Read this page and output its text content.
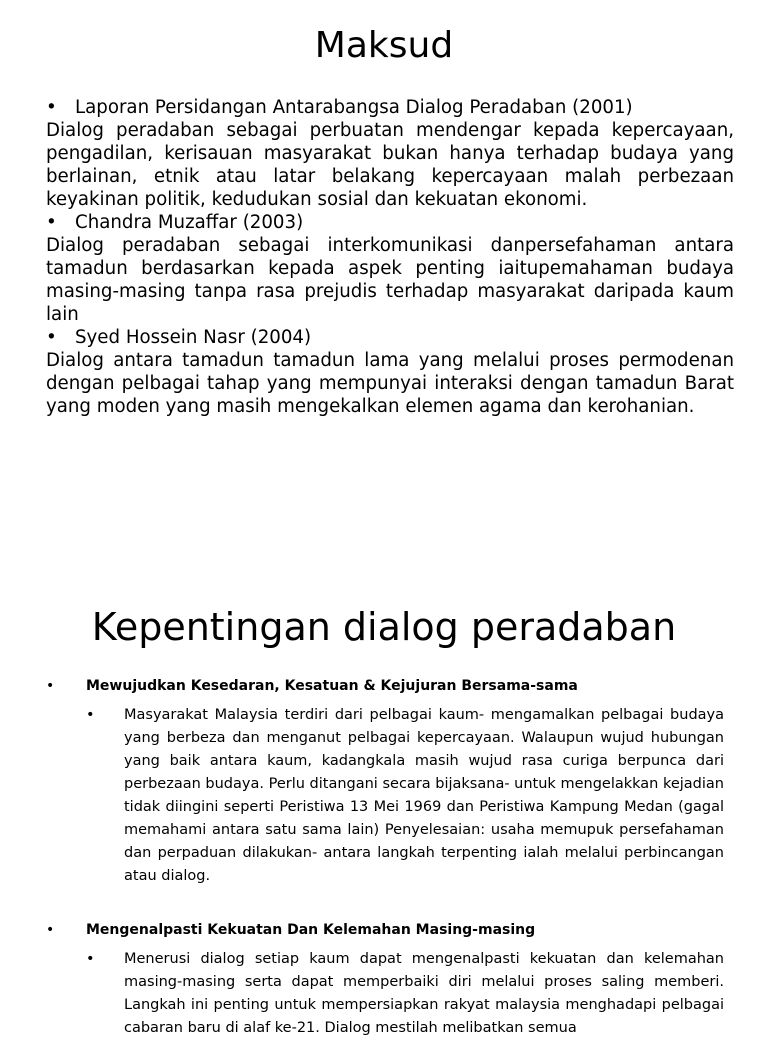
Maksud
• Laporan Persidangan Antarabangsa Dialog Peradaban (2001)
Dialog peradaban sebagai perbuatan mendengar kepada kepercayaan, pengadilan, kerisauan masyarakat bukan hanya terhadap budaya yang berlainan, etnik atau latar belakang kepercayaan malah perbezaan keyakinan politik, kedudukan sosial dan kekuatan ekonomi.
• Chandra Muzaffar (2003)
Dialog peradaban sebagai interkomunikasi danpersefahaman antara tamadun berdasarkan kepada aspek penting iaitupemahaman budaya masing-masing tanpa rasa prejudis terhadap masyarakat daripada kaum lain
• Syed Hossein Nasr (2004)
Dialog antara tamadun tamadun lama yang melalui proses permodenan dengan pelbagai tahap yang mempunyai interaksi dengan tamadun Barat yang moden yang masih mengekalkan elemen agama dan kerohanian.
Kepentingan dialog peradaban
• Mewujudkan Kesedaran, Kesatuan & Kejujuran Bersama-sama
• Masyarakat Malaysia terdiri dari pelbagai kaum- mengamalkan pelbagai budaya yang berbeza dan menganut pelbagai kepercayaan. Walaupun wujud hubungan yang baik antara kaum, kadangkala masih wujud rasa curiga berpunca dari perbezaan budaya. Perlu ditangani secara bijaksana- untuk mengelakkan kejadian tidak diingini seperti Peristiwa 13 Mei 1969 dan Peristiwa Kampung Medan (gagal memahami antara satu sama lain) Penyelesaian: usaha memupuk persefahaman dan perpaduan dilakukan- antara langkah terpenting ialah melalui perbincangan atau dialog.
• Mengenalpasti Kekuatan Dan Kelemahan Masing-masing
• Menerusi dialog setiap kaum dapat mengenalpasti kekuatan dan kelemahan masing-masing serta dapat memperbaiki diri melalui proses saling memberi. Langkah ini penting untuk mempersiapkan rakyat malaysia menghadapi pelbagai cabaran baru di alaf ke-21. Dialog mestilah melibatkan semua
